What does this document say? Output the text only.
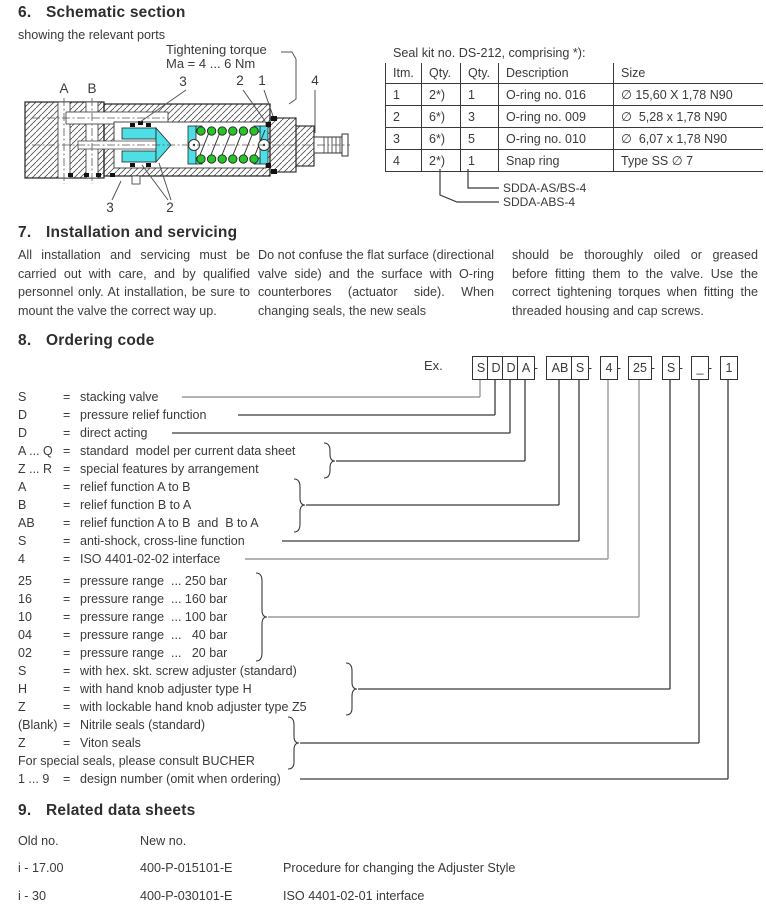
6. Schematic section
showing the relevant ports
Tightening torque
Ma = 4 ... 6 Nm
A B	3	2 1	4
3	2
Seal kit no. DS-212, comprising *):
Itm.	Qty.	Qty.	Description	Size
1	2*)	1	O-ring no. 016	∅ 15,60 X 1,78 N90
2	6*)	3	O-ring no. 009	∅  5,28 x 1,78 N90
3	6*)	5	O-ring no. 010	∅  6,07 x 1,78 N90
4	2*)	1	Snap ring	Type SS ∅ 7
SDDA-AS/BS-4
SDDA-ABS-4
7. Installation and servicing
All installation and servicing must be carried out with care, and by qualified personnel only. At installation, be sure to mount the valve the correct way up.
Do not confuse the flat surface (directional valve side) and the surface with O-ring counterbores (actuator side). When changing seals, the new seals
should be thoroughly oiled or greased before fitting them to the valve. Use the correct tightening torques when fitting the threaded housing and cap screws.
8. Ordering code
Ex.	S D D A -	AB S -	4 - 25 - S -	_ -	1
S	= stacking valve
D	= pressure relief function
D	= direct acting
A ... Q = standard  model per current data sheet
Z ... R = special features by arrangement
A	= relief function A to B
B	= relief function B to A
AB = relief function A to B  and  B to A
S	= anti-shock, cross-line function
4	= ISO 4401-02-02 interface
25 = pressure range  ... 250 bar
16 = pressure range  ... 160 bar
10 = pressure range  ... 100 bar
04 = pressure range  ...   40 bar
02 = pressure range  ...   20 bar
S	= with hex. skt. screw adjuster (standard)
H	= with hand knob adjuster type H
Z	= with lockable hand knob adjuster type Z5
(Blank) = Nitrile seals (standard)
Z	= Viton seals
For special seals, please consult BUCHER
1 ... 9 = design number (omit when ordering)
9. Related data sheets
Old no.	New no.
i - 17.00	400-P-015101-E	Procedure for changing the Adjuster Style
i - 30	400-P-030101-E	ISO 4401-02-01 interface
